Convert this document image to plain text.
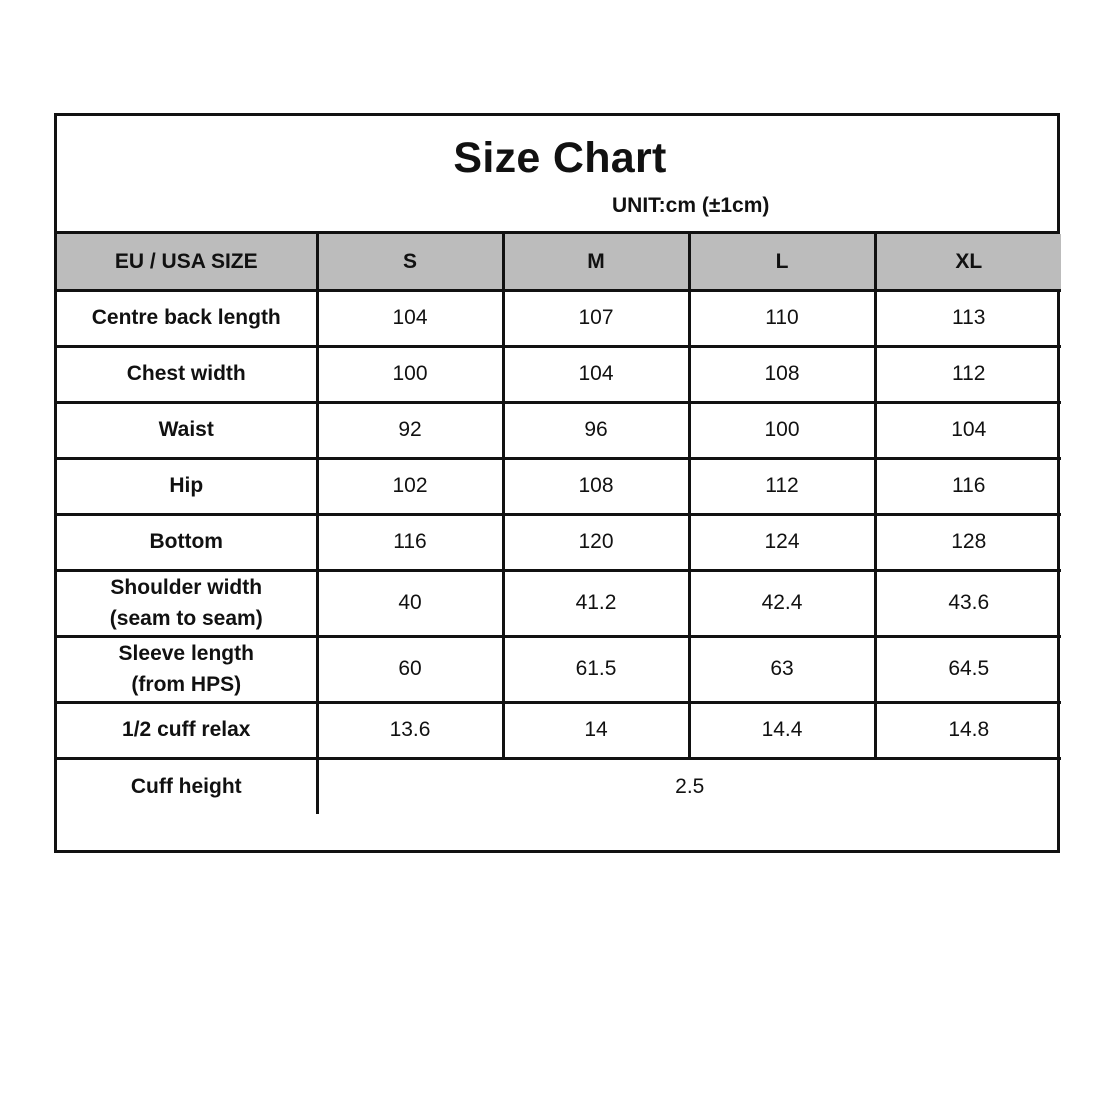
Size Chart
UNIT:cm (±1cm)
EU / USA SIZE	S	M	L	XL
Centre back length	104	107	110	113
Chest width	100	104	108	112
Waist	92	96	100	104
Hip	102	108	112	116
Bottom	116	120	124	128

Shoulder width
(seam to seam)	40	41.2	42.4	43.6

Sleeve length
(from HPS)	60	61.5	63	64.5
1/2 cuff relax	13.6	14	14.4	14.8
Cuff height	2.5			
